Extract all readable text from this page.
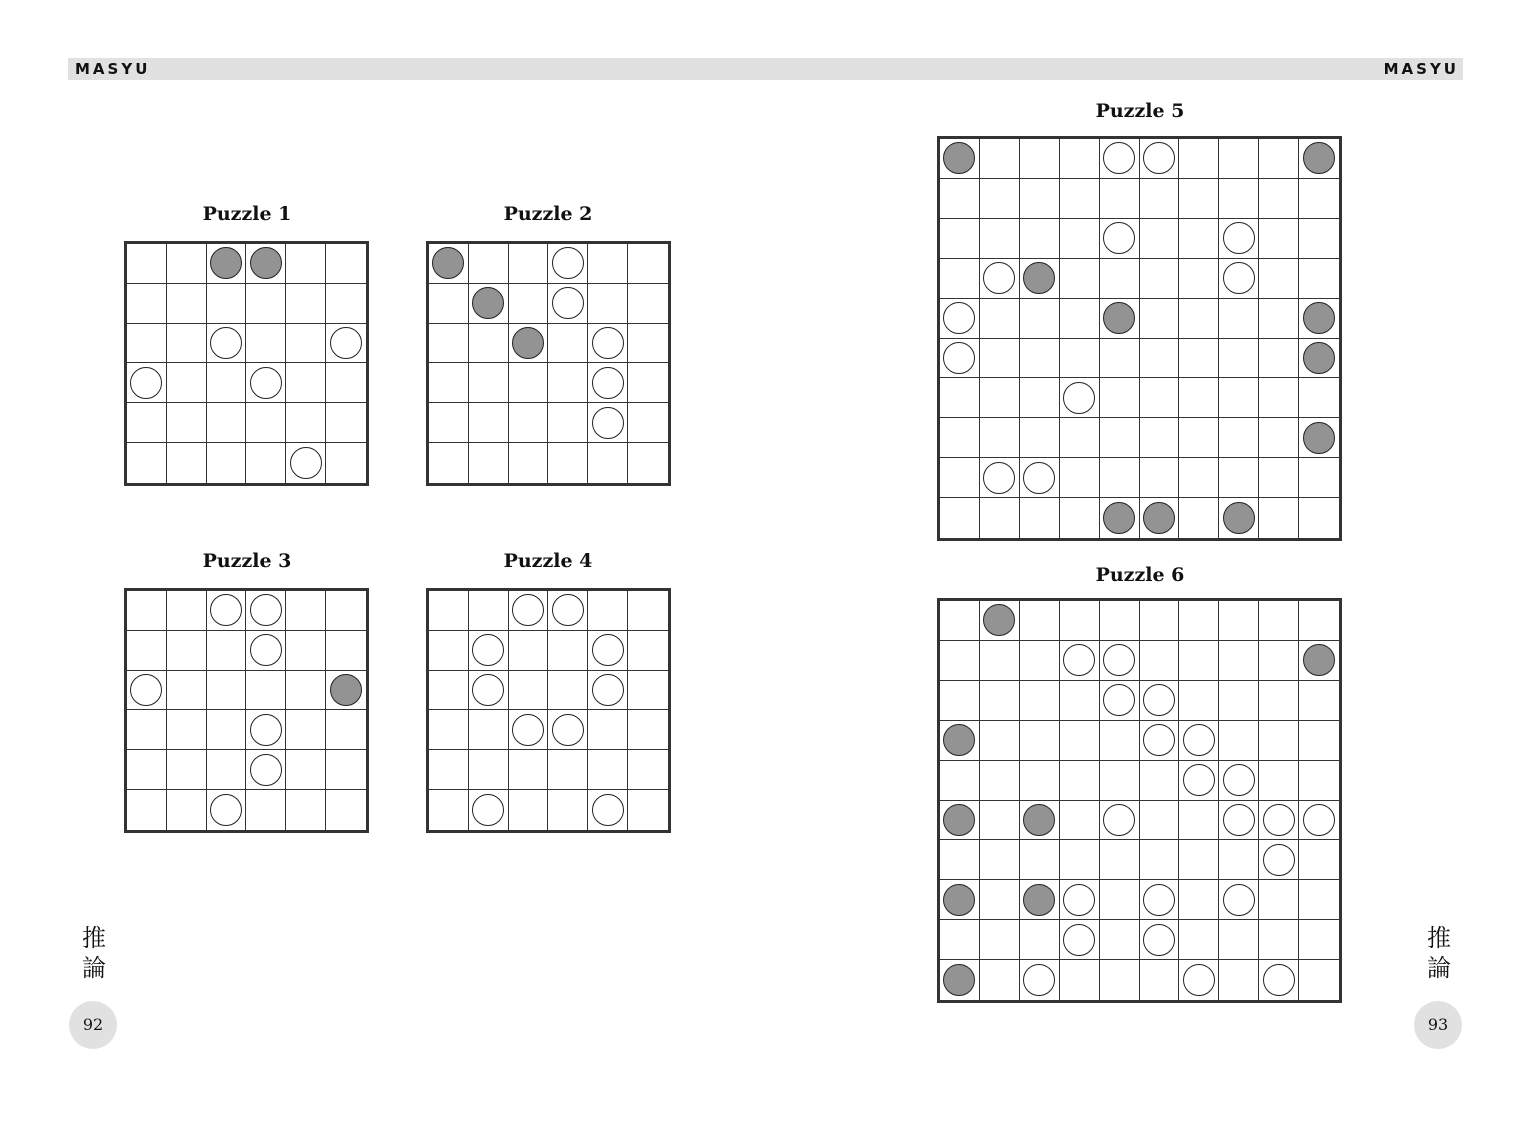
MASYU	MASYU
Puzzle 1	Puzzle 2
Puzzle 3	Puzzle 4
Puzzle 5
Puzzle 6
推
論
92
推
論
93
